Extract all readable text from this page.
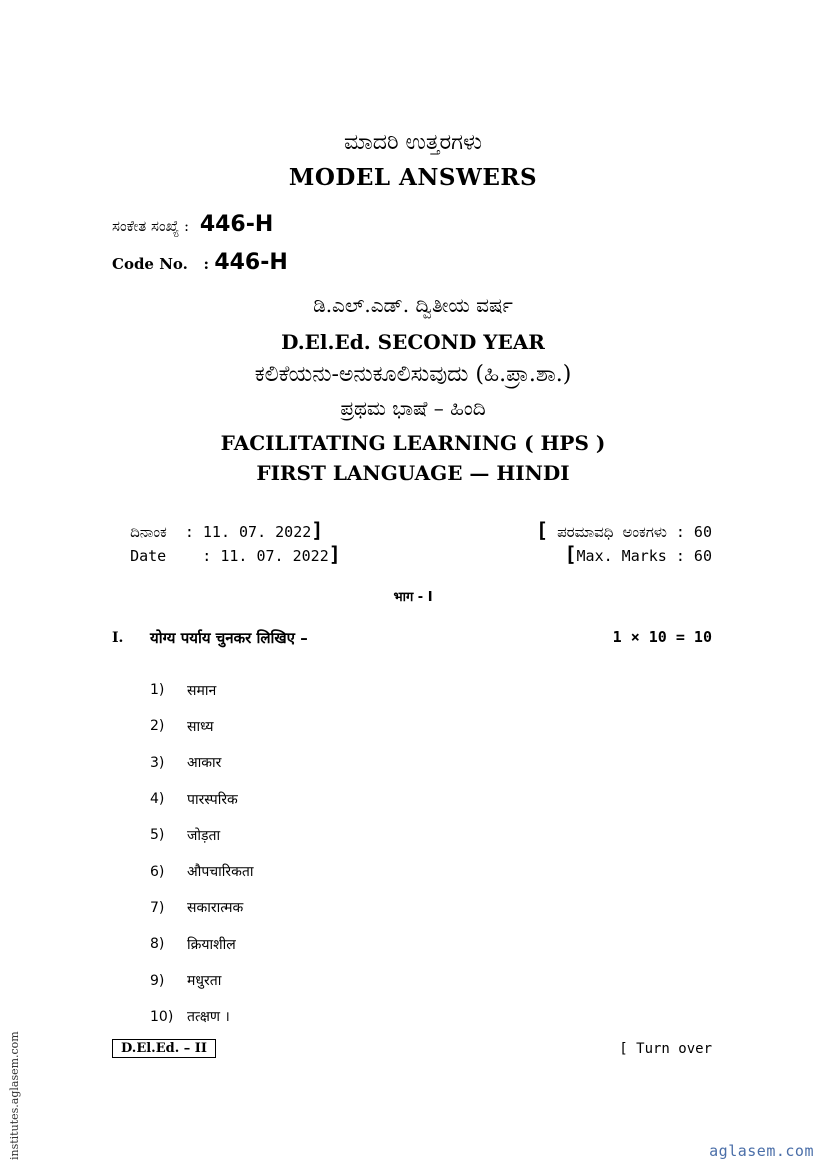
ಮಾದರಿ ಉತ್ತರಗಳು
MODEL ANSWERS
ಸಂಕೇತ ಸಂಖ್ಯೆ : 446-H
Code No.   : 446-H
ಡಿ.ಎಲ್.ಎಡ್. ದ್ವಿತೀಯ ವರ್ಷ
D.El.Ed. SECOND YEAR
ಕಲಿಕೆಯನು-ಅನುಕೂಲಿಸುವುದು (ಹಿ.ಪ್ರಾ.ಶಾ.)
ಪ್ರಥಮ ಭಾಷೆ – ಹಿಂದಿ
FACILITATING LEARNING ( HPS )
FIRST LANGUAGE — HINDI

ದಿನಾಂಕ  : 11. 07. 2022]

Date    : 11. 07. 2022]

[ ಪರಮಾವಧಿ ಅಂಕಗಳು : 60

[Max. Marks : 60

भाग - I
I. योग्य पर्याय चुनकर लिखिए –	1 × 10 = 10
1)	समान
2)	साध्य
3)	आकार
4)	पारस्परिक
5)	जोड़ता
6)	औपचारिकता
7)	सकारात्मक
8)	क्रियाशील
9)	मधुरता
10) तत्क्षण ।
D.El.Ed. – II	[ Turn over
institutes.aglasem.com	aglasem.com
